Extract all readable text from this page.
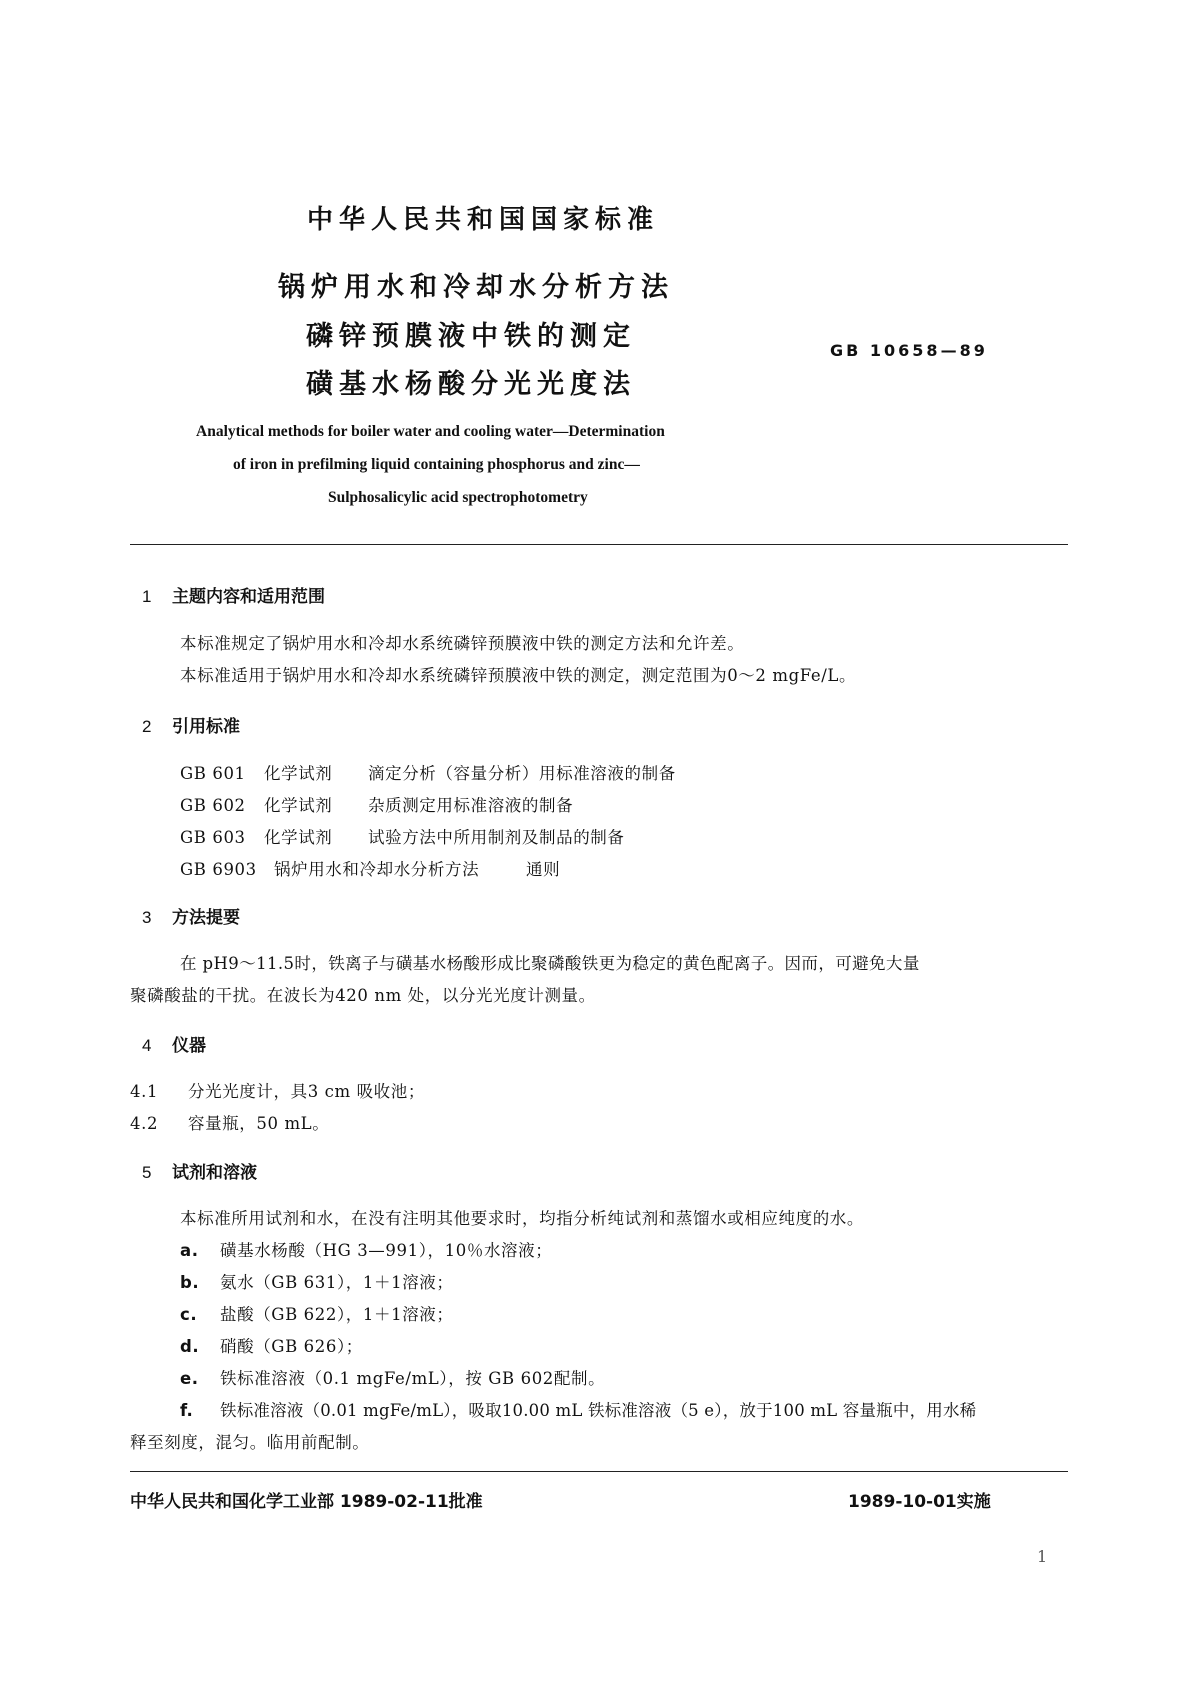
中华人民共和国国家标准
锅炉用水和冷却水分析方法
磷锌预膜液中铁的测定
磺基水杨酸分光光度法
GB 10658—89
Analytical methods for boiler water and cooling water—Determination
of iron in prefilming liquid containing phosphorus and zinc—
Sulphosalicylic acid spectrophotometry
1 主题内容和适用范围
本标准规定了锅炉用水和冷却水系统磷锌预膜液中铁的测定方法和允许差。
本标准适用于锅炉用水和冷却水系统磷锌预膜液中铁的测定，测定范围为0～2 mgFe/L。
2 引用标准
GB 601 化学试剂 滴定分析（容量分析）用标准溶液的制备
GB 602 化学试剂 杂质测定用标准溶液的制备
GB 603 化学试剂 试验方法中所用制剂及制品的制备
GB 6903 锅炉用水和冷却水分析方法	通则
3 方法提要
在 pH9～11.5时，铁离子与磺基水杨酸形成比聚磷酸铁更为稳定的黄色配离子。因而，可避免大量
聚磷酸盐的干扰。在波长为420 nm 处，以分光光度计测量。
4 仪器
4.1 分光光度计，具3 cm 吸收池；
4.2 容量瓶，50 mL。
5 试剂和溶液
本标准所用试剂和水，在没有注明其他要求时，均指分析纯试剂和蒸馏水或相应纯度的水。
a. 磺基水杨酸（HG 3—991），10％水溶液；
b. 氨水（GB 631），1＋1溶液；
c. 盐酸（GB 622），1＋1溶液；
d. 硝酸（GB 626）；
e. 铁标准溶液（0.1 mgFe/mL），按 GB 602配制。
f. 铁标准溶液（0.01 mgFe/mL），吸取10.00 mL 铁标准溶液（5 e），放于100 mL 容量瓶中，用水稀
释至刻度，混匀。临用前配制。
中华人民共和国化学工业部 1989-02-11批准	1989-10-01实施
1
